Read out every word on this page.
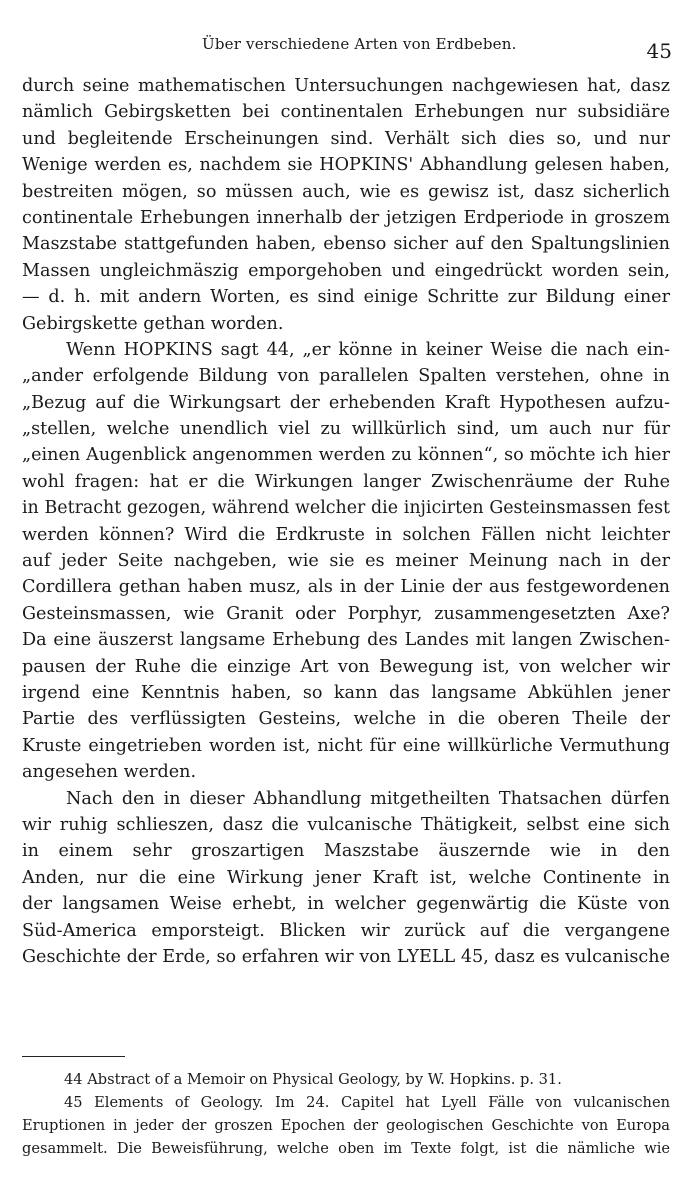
Über verschiedene Arten von Erdbeben.	45
durch seine mathematischen Untersuchungen nachgewiesen hat, dasz
nämlich Gebirgsketten bei continentalen Erhebungen nur subsidiäre
und begleitende Erscheinungen sind. Verhält sich dies so, und nur
Wenige werden es, nachdem sie HOPKINS' Abhandlung gelesen haben,
bestreiten mögen, so müssen auch, wie es gewisz ist, dasz sicherlich
continentale Erhebungen innerhalb der jetzigen Erdperiode in groszem
Maszstabe stattgefunden haben, ebenso sicher auf den Spaltungslinien
Massen ungleichmäszig emporgehoben und eingedrückt worden sein,
— d. h. mit andern Worten, es sind einige Schritte zur Bildung einer
Gebirgskette gethan worden.
Wenn HOPKINS sagt 44, „er könne in keiner Weise die nach ein-
„ander erfolgende Bildung von parallelen Spalten verstehen, ohne in
„Bezug auf die Wirkungsart der erhebenden Kraft Hypothesen aufzu-
„stellen, welche unendlich viel zu willkürlich sind, um auch nur für
„einen Augenblick angenommen werden zu können“, so möchte ich hier
wohl fragen: hat er die Wirkungen langer Zwischenräume der Ruhe
in Betracht gezogen, während welcher die injicirten Gesteinsmassen fest
werden können? Wird die Erdkruste in solchen Fällen nicht leichter
auf jeder Seite nachgeben, wie sie es meiner Meinung nach in der
Cordillera gethan haben musz, als in der Linie der aus festgewordenen
Gesteinsmassen, wie Granit oder Porphyr, zusammengesetzten Axe?
Da eine äuszerst langsame Erhebung des Landes mit langen Zwischen-
pausen der Ruhe die einzige Art von Bewegung ist, von welcher wir
irgend eine Kenntnis haben, so kann das langsame Abkühlen jener
Partie des verflüssigten Gesteins, welche in die oberen Theile der
Kruste eingetrieben worden ist, nicht für eine willkürliche Vermuthung
angesehen werden.
Nach den in dieser Abhandlung mitgetheilten Thatsachen dürfen
wir ruhig schlieszen, dasz die vulcanische Thätigkeit, selbst eine sich
in einem sehr groszartigen Maszstabe äuszernde wie in den
Anden, nur die eine Wirkung jener Kraft ist, welche Continente in
der langsamen Weise erhebt, in welcher gegenwärtig die Küste von
Süd-America emporsteigt. Blicken wir zurück auf die vergangene
Geschichte der Erde, so erfahren wir von LYELL 45, dasz es vulcanische
44 Abstract of a Memoir on Physical Geology, by W. Hopkins. p. 31.
45 Elements of Geology. Im 24. Capitel hat Lyell Fälle von vulcanischen
Eruptionen in jeder der groszen Epochen der geologischen Geschichte von Europa
gesammelt. Die Beweisführung, welche oben im Texte folgt, ist die nämliche wie
